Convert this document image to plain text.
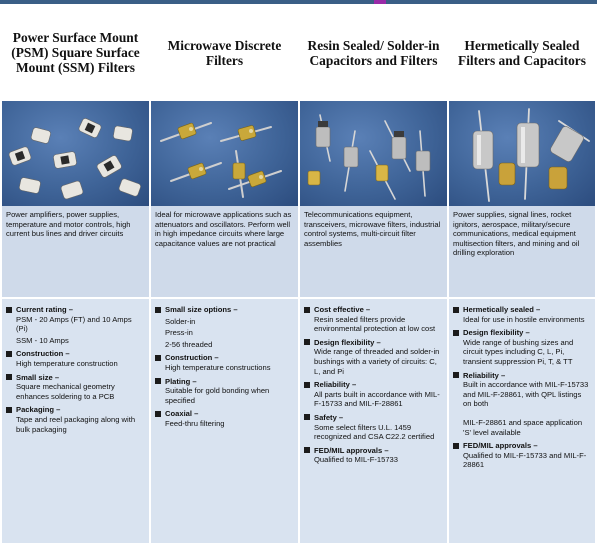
Power Surface Mount (PSM) Square Surface Mount (SSM) Filters
Power amplifiers, power supplies, temperature and motor controls, high current bus lines and driver circuits
Current rating –
PSM - 20 Amps (FT) and 10 Amps (Pi)
SSM - 10 Amps
Construction –
High temperature construction
Small size –
Square mechanical geometry enhances soldering to a PCB
Packaging –
Tape and reel packaging along with bulk packaging
Microwave Discrete Filters
Ideal for microwave applications such as attenuators and oscillators. Perform well in high impedance circuits where large capacitance values are not practical
Small size options –
Solder-in
Press-in
2-56 threaded
Construction –
High temperature constructions
Plating –
Suitable for gold bonding when specified
Coaxial –
Feed-thru filtering
Resin Sealed/ Solder-in Capacitors and Filters
Telecommunications equipment, transceivers, microwave filters, industrial control systems, multi-circuit filter assemblies
Cost effective –
Resin sealed filters provide environmental protection at low cost
Design flexibility –
Wide range of threaded and solder-in bushings with a variety of circuits: C, L, and Pi
Reliability –
All parts built in accordance with MIL-F-15733 and MIL-F-28861
Safety –
Some select filters U.L. 1459 recognized and CSA C22.2 certified
FED/MIL approvals –
Qualified to MIL-F-15733
Hermetically Sealed Filters and Capacitors
Power supplies, signal lines, rocket ignitors, aerospace, military/secure communications, medical equipment multisection filters, and mining and oil drilling exploration
Hermetically sealed –
Ideal for use in hostile environments
Design flexibility –
Wide range of bushing sizes and circuit types including C, L, Pi, transient suppression Pi, T, & TT
Reliability –
Built in accordance with MIL-F-15733 and MIL-F-28861, with QPL listings on both
MIL-F-28861 and space application 'S' level available
FED/MIL approvals –
Qualified to MIL-F-15733 and MIL-F-28861
